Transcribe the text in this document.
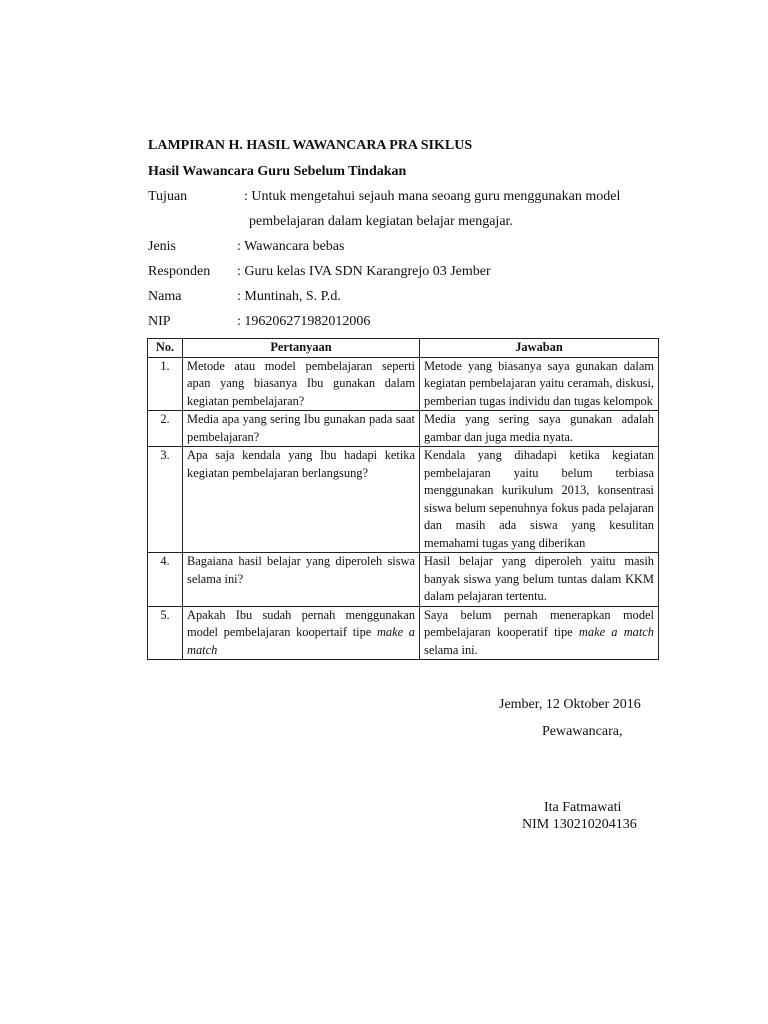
LAMPIRAN H. HASIL WAWANCARA PRA SIKLUS
Hasil Wawancara Guru Sebelum Tindakan
Tujuan	: Untuk mengetahui sejauh mana seoang guru menggunakan model
pembelajaran dalam kegiatan belajar mengajar.
Jenis	: Wawancara bebas
Responden : Guru kelas IVA SDN Karangrejo 03 Jember
Nama	: Muntinah, S. P.d.
NIP	: 196206271982012006
No.	Pertanyaan	Jawaban
1.	Metode atau model pembelajaran seperti apan yang biasanya Ibu gunakan dalam kegiatan pembelajaran?	Metode yang biasanya saya gunakan dalam kegiatan pembelajaran yaitu ceramah, diskusi, pemberian tugas individu dan tugas kelompok
2.	Media apa yang sering Ibu gunakan pada saat pembelajaran?	Media yang sering saya gunakan adalah gambar dan juga media nyata.
3.	Apa saja kendala yang Ibu hadapi ketika kegiatan pembelajaran berlangsung?	Kendala yang dihadapi ketika kegiatan pembelajaran yaitu belum terbiasa menggunakan kurikulum 2013, konsentrasi siswa belum sepenuhnya fokus pada pelajaran dan masih ada siswa yang kesulitan memahami tugas yang diberikan
4.	Bagaiana hasil belajar yang diperoleh siswa selama ini?	Hasil belajar yang diperoleh yaitu masih banyak siswa yang belum tuntas dalam KKM dalam pelajaran tertentu.
5.	Apakah Ibu sudah pernah menggunakan model pembelajaran koopertaif tipe make a match	Saya belum pernah menerapkan model pembelajaran kooperatif tipe make a match selama ini.
Jember, 12 Oktober 2016
Pewawancara,
Ita Fatmawati
NIM 130210204136
